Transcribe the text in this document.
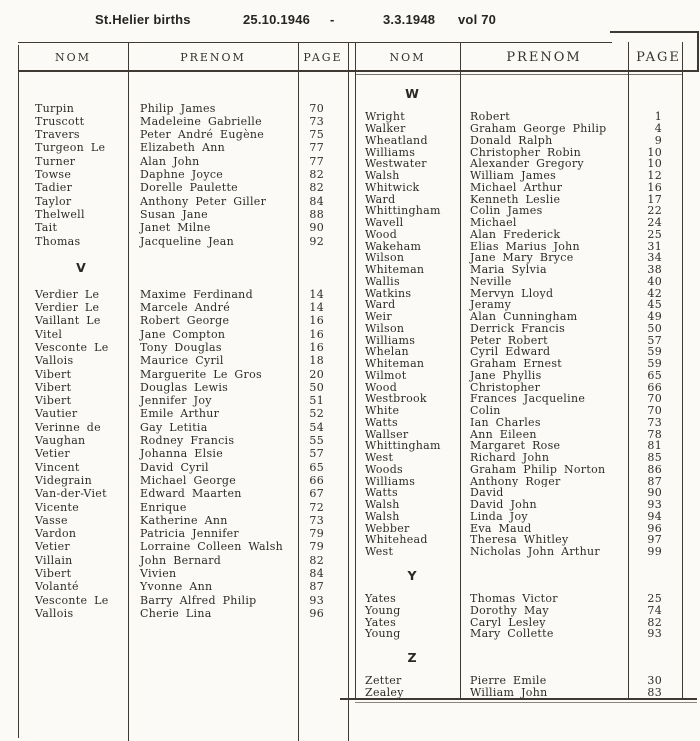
St.Helier births	25.10.1946 -	3.3.1948 vol 70
NOM	PRENOM	PAGE	NOM	PRENOM	PAGE
Turpin	Philip James	70
Truscott	Madeleine Gabrielle	73
Travers	Peter André Eugène	75
Turgeon Le	Elizabeth Ann	77
Turner	Alan John	77
Towse	Daphne Joyce	82
Tadier	Dorelle Paulette	82
Taylor	Anthony Peter Giller	84
Thelwell	Susan Jane	88
Tait	Janet Milne	90
Thomas	Jacqueline Jean	92
V
Verdier Le	Maxime Ferdinand	14
Verdier Le	Marcele André	14
Vaillant Le	Robert George	16
Vitel	Jane Compton	16
Vesconte Le	Tony Douglas	16
Vallois	Maurice Cyril	18
Vibert	Marguerite Le Gros	20
Vibert	Douglas Lewis	50
Vibert	Jennifer Joy	51
Vautier	Emile Arthur	52
Verinne de	Gay Letitia	54
Vaughan	Rodney Francis	55
Vetier	Johanna Elsie	57
Vincent	David Cyril	65
Videgrain	Michael George	66
Van-der-Viet	Edward Maarten	67
Vicente	Enrique	72
Vasse	Katherine Ann	73
Vardon	Patricia Jennifer	79
Vetier	Lorraine Colleen Walsh	79
Villain	John Bernard	82
Vibert	Vivien	84
Volanté	Yvonne Ann	87
Vesconte Le	Barry Alfred Philip	93
Vallois	Cherie Lina	96
W
Wright	Robert	1
Walker	Graham George Philip	4
Wheatland	Donald Ralph	9
Williams	Christopher Robin	10
Westwater	Alexander Gregory	10
Walsh	William James	12
Whitwick	Michael Arthur	16
Ward	Kenneth Leslie	17
Whittingham	Colin James	22
Wavell	Michael	24
Wood	Alan Frederick	25
Wakeham	Elias Marius John	31
Wilson	Jane Mary Bryce	34
Whiteman	Maria Sylvia	38
Wallis	Neville	40
Watkins	Mervyn Lloyd	42
Ward	Jeramy	45
Weir	Alan Cunningham	49
Wilson	Derrick Francis	50
Williams	Peter Robert	57
Whelan	Cyril Edward	59
Whiteman	Graham Ernest	59
Wilmot	Jane Phyllis	65
Wood	Christopher	66
Westbrook	Frances Jacqueline	70
White	Colin	70
Watts	Ian Charles	73
Wallser	Ann Eileen	78
Whittingham	Margaret Rose	81
West	Richard John	85
Woods	Graham Philip Norton	86
Williams	Anthony Roger	87
Watts	David	90
Walsh	David John	93
Walsh	Linda Joy	94
Webber	Eva Maud	96
Whitehead	Theresa Whitley	97
West	Nicholas John Arthur	99
Y
Yates	Thomas Victor	25
Young	Dorothy May	74
Yates	Caryl Lesley	82
Young	Mary Collette	93
Z
Zetter	Pierre Emile	30
Zealey	William John	83
